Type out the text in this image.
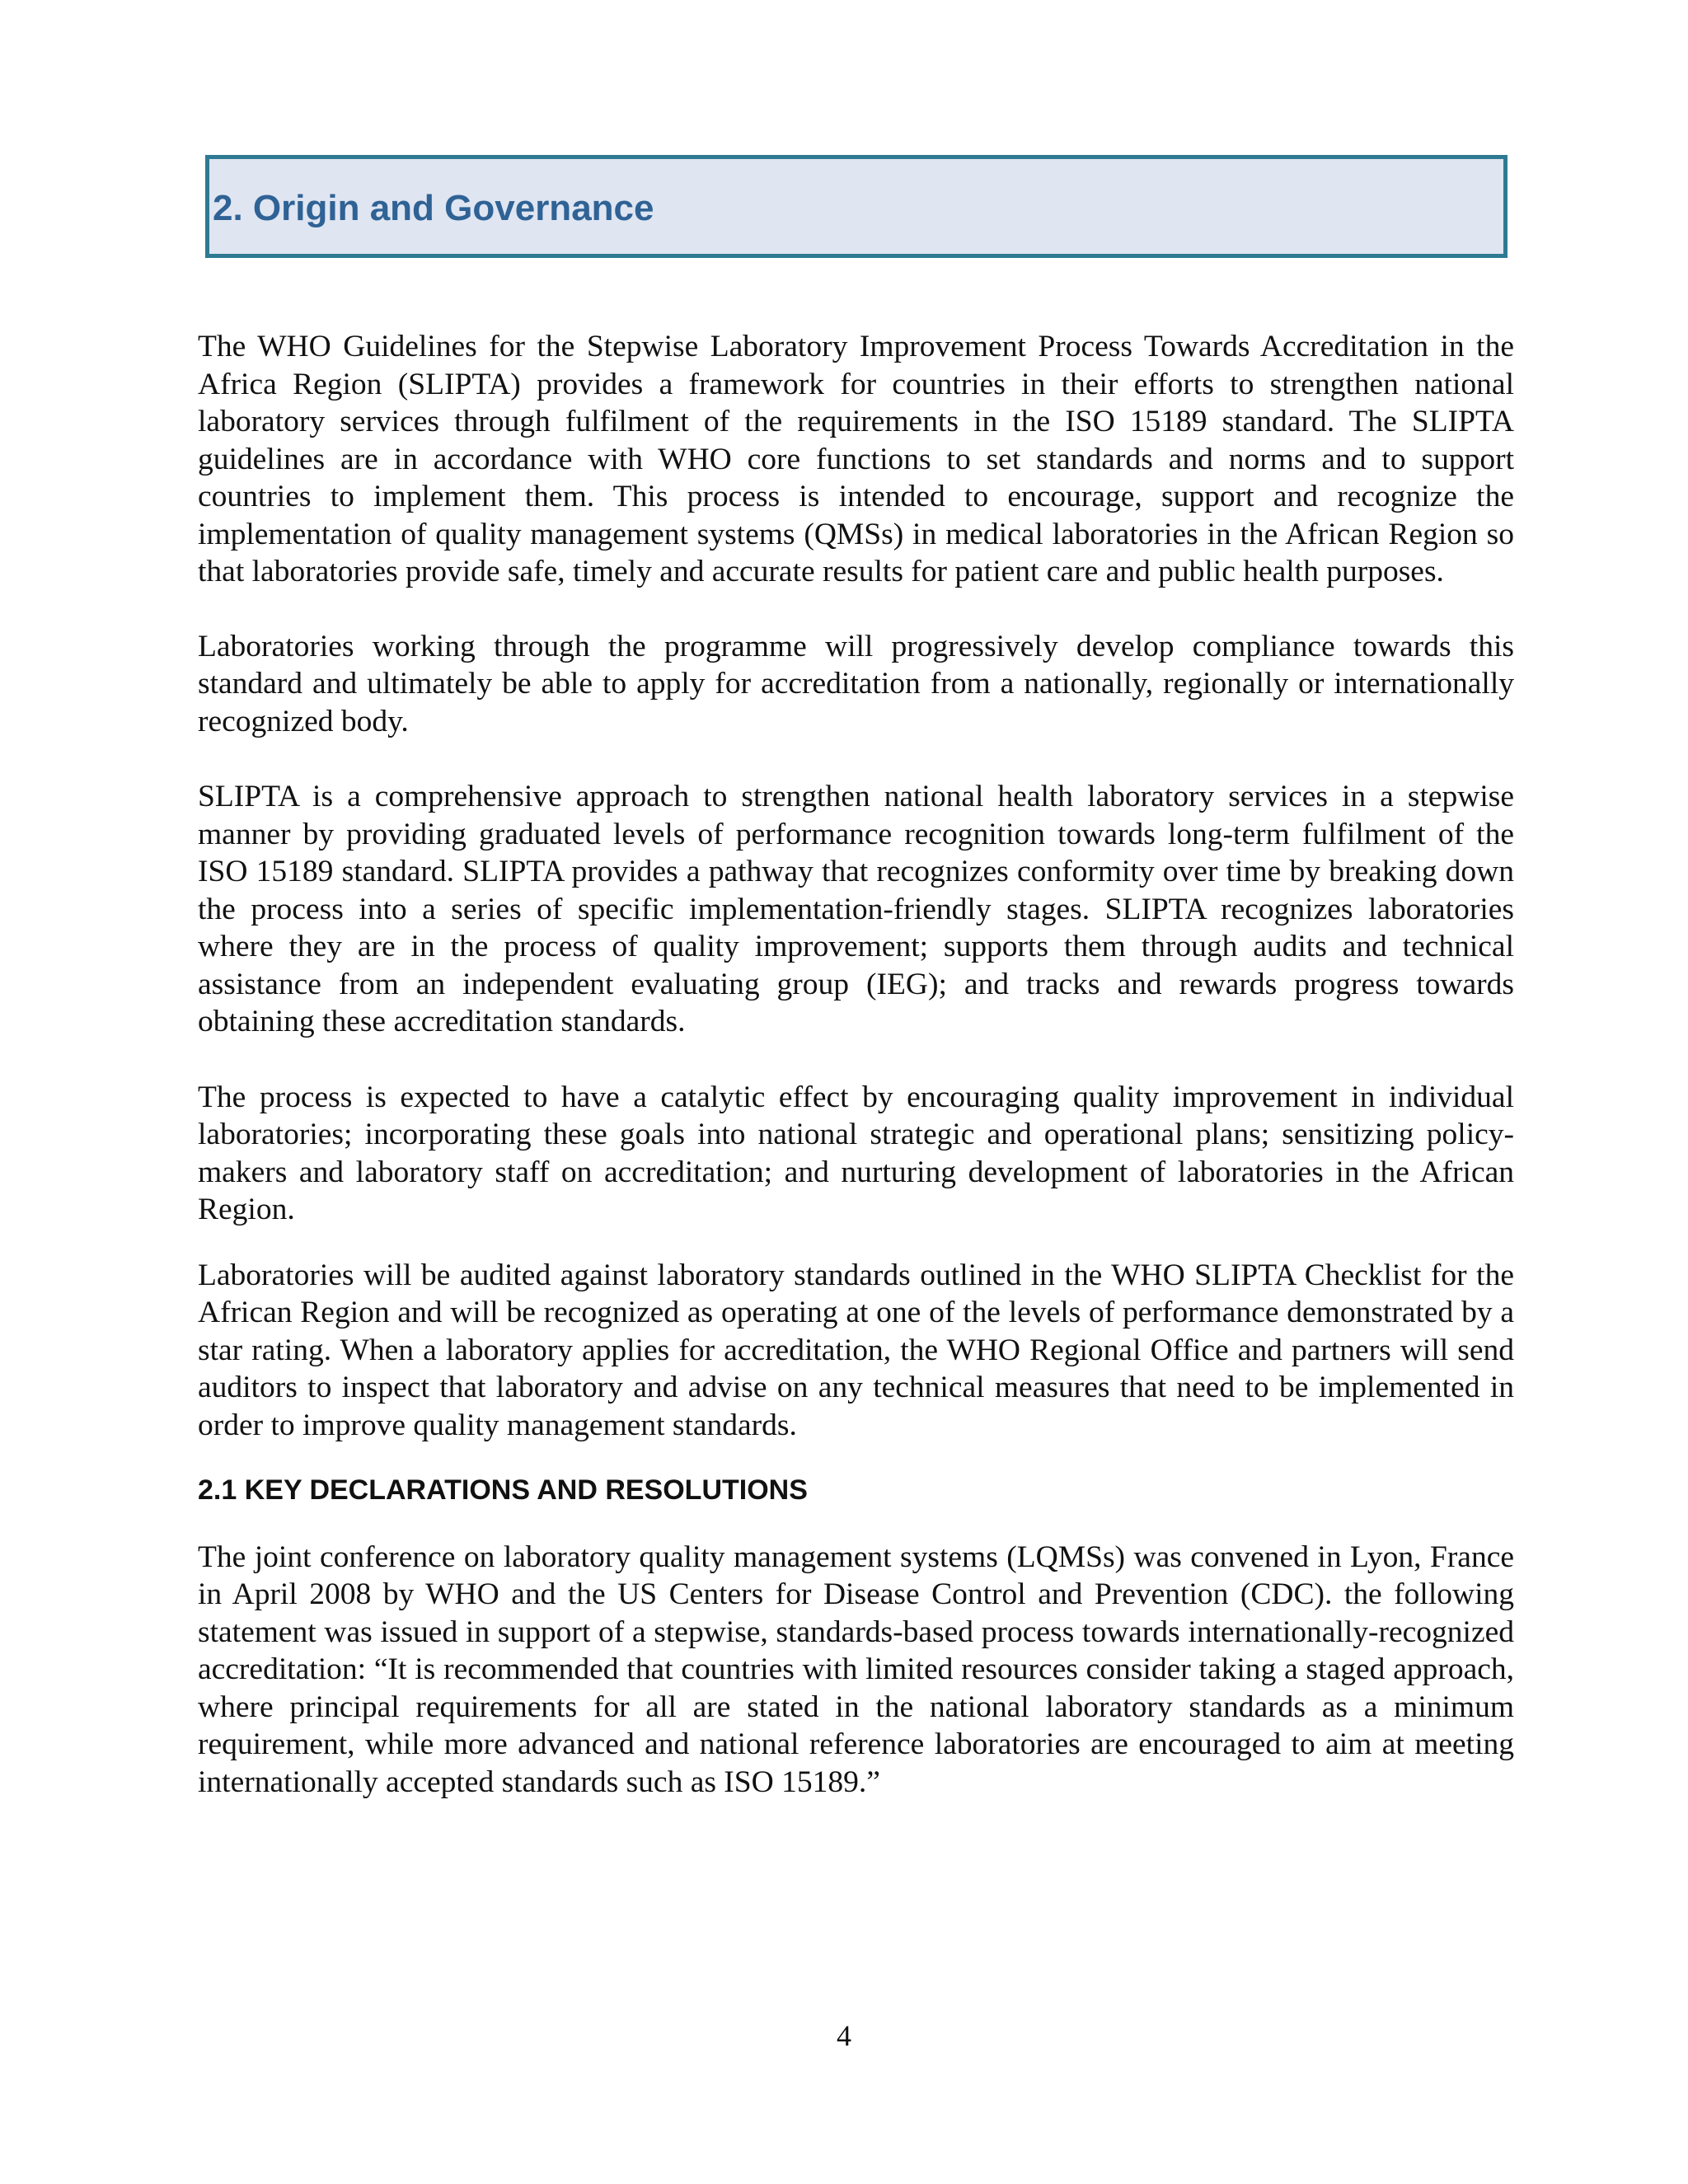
2. Origin and Governance

The WHO Guidelines for the Stepwise Laboratory Improvement Process Towards Accreditation in the Africa Region (SLIPTA) provides a framework for countries in their efforts to strengthen national laboratory services through fulfilment of the requirements in the ISO 15189 standard. The SLIPTA guidelines are in accordance with WHO core functions to set standards and norms and to support countries to implement them. This process is intended to encourage, support and recognize the implementation of quality management systems (QMSs) in medical laboratories in the African Region so that laboratories provide safe, timely and accurate results for patient care and public health purposes.

Laboratories working through the programme will progressively develop compliance towards this standard and ultimately be able to apply for accreditation from a nationally, regionally or internationally recognized body.

SLIPTA is a comprehensive approach to strengthen national health laboratory services in a stepwise manner by providing graduated levels of performance recognition towards long-term fulfilment of the ISO 15189 standard. SLIPTA provides a pathway that recognizes conformity over time by breaking down the process into a series of specific implementation-friendly stages. SLIPTA recognizes laboratories where they are in the process of quality improvement; supports them through audits and technical assistance from an independent evaluating group (IEG); and tracks and rewards progress towards obtaining these accreditation standards.

The process is expected to have a catalytic effect by encouraging quality improvement in individual laboratories; incorporating these goals into national strategic and operational plans; sensitizing policy-makers and laboratory staff on accreditation; and nurturing development of laboratories in the African Region.

Laboratories will be audited against laboratory standards outlined in the WHO SLIPTA Checklist for the African Region and will be recognized as operating at one of the levels of performance demonstrated by a star rating. When a laboratory applies for accreditation, the WHO Regional Office and partners will send auditors to inspect that laboratory and advise on any technical measures that need to be implemented in order to improve quality management standards.

2.1 KEY DECLARATIONS AND RESOLUTIONS

The joint conference on laboratory quality management systems (LQMSs) was convened in Lyon, France in April 2008 by WHO and the US Centers for Disease Control and Prevention (CDC). the following statement was issued in support of a stepwise, standards-based process towards internationally-recognized accreditation: “It is recommended that countries with limited resources consider taking a staged approach, where principal requirements for all are stated in the national laboratory standards as a minimum requirement, while more advanced and national reference laboratories are encouraged to aim at meeting internationally accepted standards such as ISO 15189.”

4
